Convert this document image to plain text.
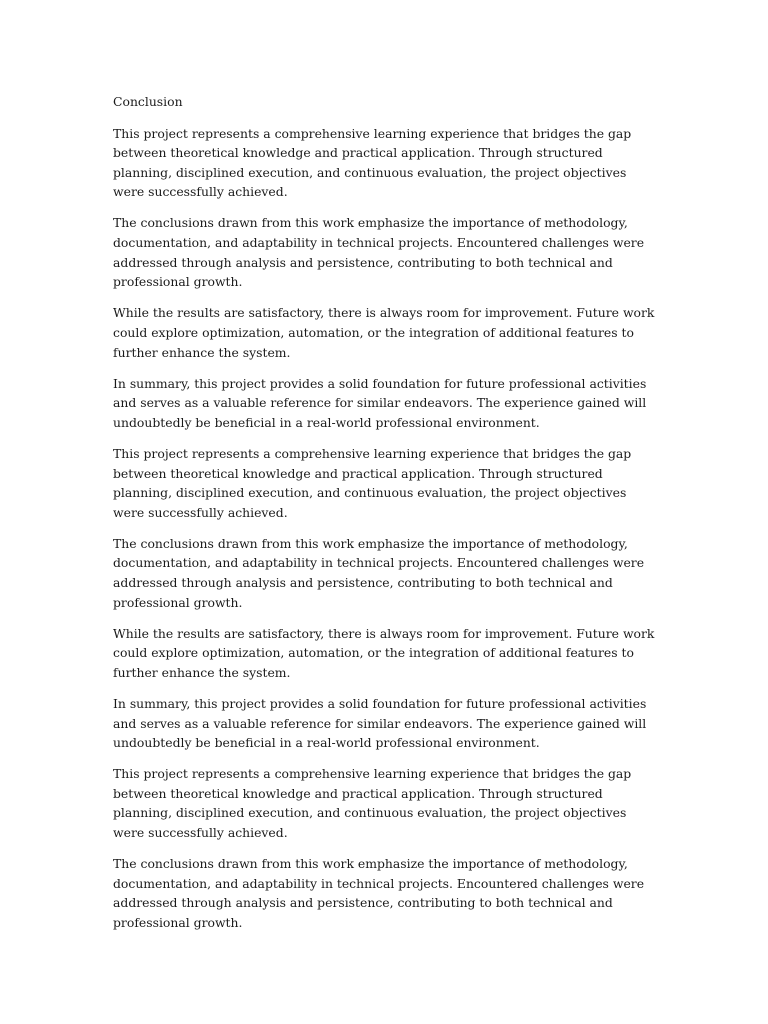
Conclusion

This project represents a comprehensive learning experience that bridges the gap between theoretical knowledge and practical application. Through structured planning, disciplined execution, and continuous evaluation, the project objectives were successfully achieved.

The conclusions drawn from this work emphasize the importance of methodology, documentation, and adaptability in technical projects. Encountered challenges were addressed through analysis and persistence, contributing to both technical and professional growth.

While the results are satisfactory, there is always room for improvement. Future work could explore optimization, automation, or the integration of additional features to further enhance the system.

In summary, this project provides a solid foundation for future professional activities and serves as a valuable reference for similar endeavors. The experience gained will undoubtedly be beneficial in a real-world professional environment.

This project represents a comprehensive learning experience that bridges the gap between theoretical knowledge and practical application. Through structured planning, disciplined execution, and continuous evaluation, the project objectives were successfully achieved.

The conclusions drawn from this work emphasize the importance of methodology, documentation, and adaptability in technical projects. Encountered challenges were addressed through analysis and persistence, contributing to both technical and professional growth.

While the results are satisfactory, there is always room for improvement. Future work could explore optimization, automation, or the integration of additional features to further enhance the system.

In summary, this project provides a solid foundation for future professional activities and serves as a valuable reference for similar endeavors. The experience gained will undoubtedly be beneficial in a real-world professional environment.

This project represents a comprehensive learning experience that bridges the gap between theoretical knowledge and practical application. Through structured planning, disciplined execution, and continuous evaluation, the project objectives were successfully achieved.

The conclusions drawn from this work emphasize the importance of methodology, documentation, and adaptability in technical projects. Encountered challenges were addressed through analysis and persistence, contributing to both technical and professional growth.
